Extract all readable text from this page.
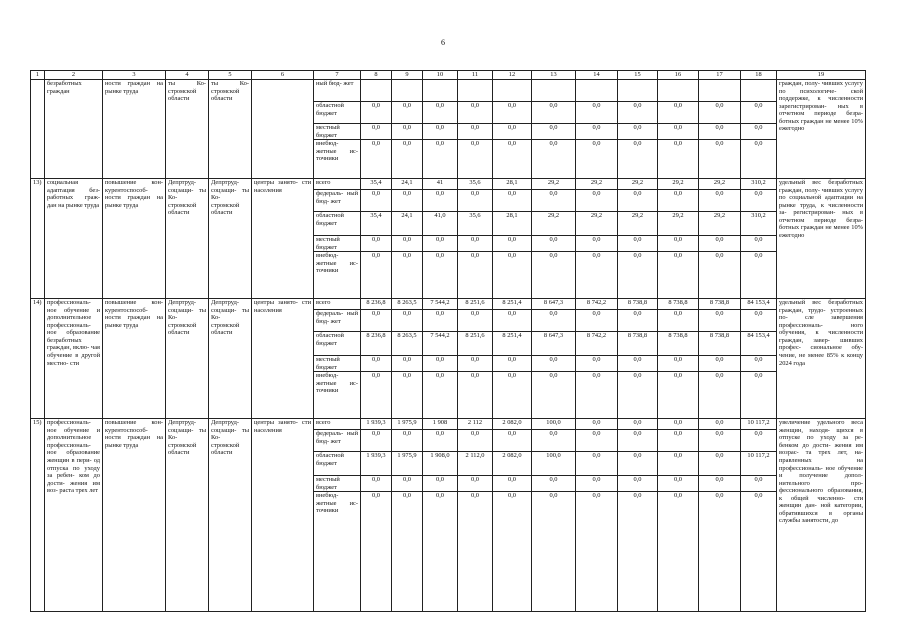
6
1	2	3	4	5	6	7	8	9	10	11	12	13	14	15	16	17	18	19
	безработных граждан	ности граждан на рынке труда	ты Ко- стромской области	ты Ко- стромской области		ный бюд- жет												граждан, полу- чивших услугу по психологиче- ской поддержке, к численности зарегистрирован- ных в отчетном периоде безра- ботных граждан не менее 10% ежегодно
						областной бюджет	0,0	0,0	0,0	0,0	0,0	0,0	0,0	0,0	0,0	0,0	0,0	
						местный бюджет	0,0	0,0	0,0	0,0	0,0	0,0	0,0	0,0	0,0	0,0	0,0	
						внебюд- жетные ис- точники	0,0	0,0	0,0	0,0	0,0	0,0	0,0	0,0	0,0	0,0	0,0	
13)	социальная адаптация без- работных граж- дан на рынке труда	повышение кон- курентоспособ- ности граждан на рынке труда	Депртруд- соцзащи- ты Ко- стромской области	Депртруд- соцзащи- ты Ко- стромской области	центры занято- сти населения	всего	35,4	24,1	41	35,6	28,1	29,2	29,2	29,2	29,2	29,2	310,2	удельный вес безработных граждан, полу- чивших услугу по социальной адаптации на рынке труда, к численности за- регистрирован- ных в отчетном периоде безра- ботных граждан не менее 10% ежегодно
						федераль- ный бюд- жет	0,0	0,0	0,0	0,0	0,0	0,0	0,0	0,0	0,0	0,0	0,0	
						областной бюджет	35,4	24,1	41,0	35,6	28,1	29,2	29,2	29,2	29,2	29,2	310,2	
						местный бюджет	0,0	0,0	0,0	0,0	0,0	0,0	0,0	0,0	0,0	0,0	0,0	
						внебюд- жетные ис- точники	0,0	0,0	0,0	0,0	0,0	0,0	0,0	0,0	0,0	0,0	0,0	
14)	профессиональ- ное обучение и дополнительное профессиональ- ное образование безработных граждан, вклю- чая обучение в другой местно- сти	повышение кон- курентоспособ- ности граждан на рынке труда	Депртруд- соцзащи- ты Ко- стромской области	Депртруд- соцзащи- ты Ко- стромской области	центры занято- сти населения	всего	8 236,8	8 263,5	7 544,2	8 251,6	8 251,4	8 647,3	8 742,2	8 738,8	8 738,8	8 738,8	84 153,4	удельный вес безработных граждан, трудо- устроенных по- сле завершения профессиональ- ного обучения, к численности граждан, завер- шивших профес- сиональное обу- чение, не менее 85% к концу 2024 года
						федераль- ный бюд- жет	0,0	0,0	0,0	0,0	0,0	0,0	0,0	0,0	0,0	0,0	0,0	
						областной бюджет	8 236,8	8 263,5	7 544,2	8 251,6	8 251,4	8 647,3	8 742,2	8 738,8	8 738,8	8 738,8	84 153,4	
						местный бюджет	0,0	0,0	0,0	0,0	0,0	0,0	0,0	0,0	0,0	0,0	0,0	
						внебюд- жетные ис- точники	0,0	0,0	0,0	0,0	0,0	0,0	0,0	0,0	0,0	0,0	0,0	
15)	профессиональ- ное обучение и дополнительное профессиональ- ное образование женщин в пери- од отпуска по уходу за ребен- ком до дости- жения им воз- раста трех лет	повышение кон- курентоспособ- ности граждан на рынке труда	Депртруд- соцзащи- ты Ко- стромской области	Депртруд- соцзащи- ты Ко- стромской области	центры занято- сти населения	всего	1 939,3	1 975,9	1 908	2 112	2 082,0	100,0	0,0	0,0	0,0	0,0	10 117,2	увеличение удельного веса женщин, находя- щихся в отпуске по уходу за ре- бенком до дости- жения им возрас- та трех лет, на- правленных на профессиональ- ное обучение и получение допол- нительного про- фессионального образования, к общей численно- сти женщин дан- ной категории, обратившихся в органы службы занятости, до
						федераль- ный бюд- жет	0,0	0,0	0,0	0,0	0,0	0,0	0,0	0,0	0,0	0,0	0,0	
						областной бюджет	1 939,3	1 975,9	1 908,0	2 112,0	2 082,0	100,0	0,0	0,0	0,0	0,0	10 117,2	
						местный бюджет	0,0	0,0	0,0	0,0	0,0	0,0	0,0	0,0	0,0	0,0	0,0	
						внебюд- жетные ис- точники	0,0	0,0	0,0	0,0	0,0	0,0	0,0	0,0	0,0	0,0	0,0	
